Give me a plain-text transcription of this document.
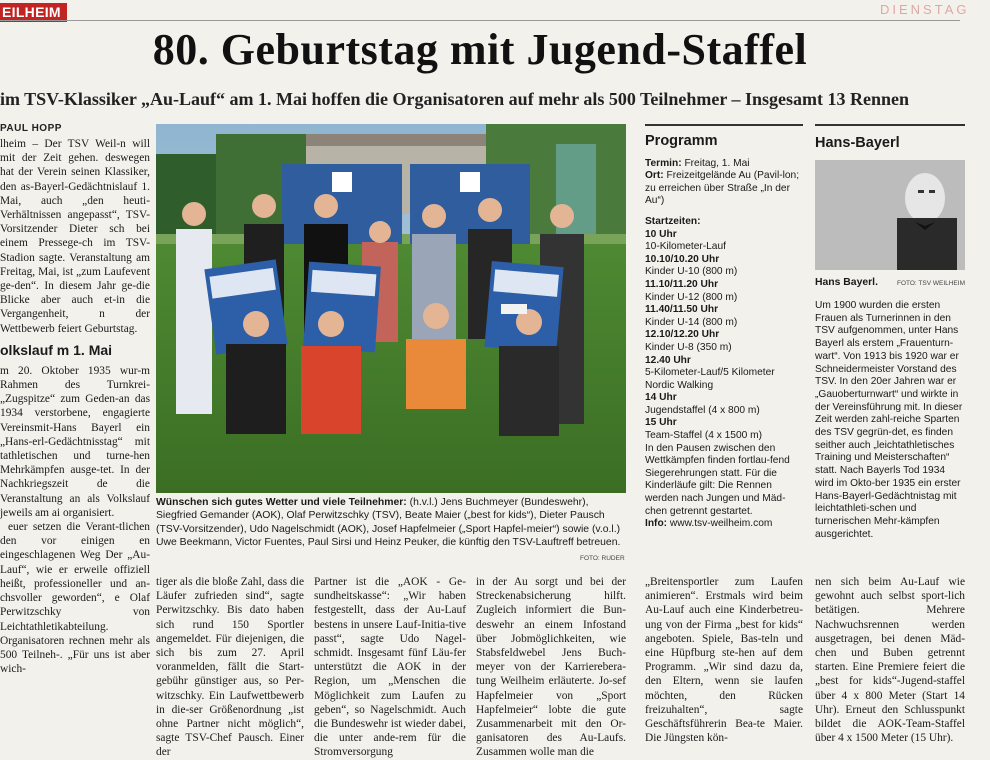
EILHEIM	DIENSTAG
80. Geburtstag mit Jugend-Staffel
im TSV-Klassiker „Au-Lauf“ am 1. Mai hoffen die Organisatoren auf mehr als 500 Teilnehmer – Insgesamt 13 Rennen
PAUL HOPP

lheim – Der TSV Weil-n will mit der Zeit gehen. deswegen hat der Verein seinen Klassiker, den as-Bayerl-Gedächtnislauf 1. Mai, auch „den heuti-Verhältnissen angepasst“, TSV-Vorsitzender Dieter sch bei einem Pressege-ch im TSV-Stadion sagte. Veranstaltung am Freitag, Mai, ist „zum Laufevent ge-den“. In diesem Jahr ge-die Blicke aber auch et-in die Vergangenheit, n der Wettbewerb feiert Geburtstag.

olkslauf m 1. Mai

m 20. Oktober 1935 wur-m Rahmen des Turnkrei-„Zugspitze“ zum Geden-an das 1934 verstorbene, engagierte Vereinsmit-Hans Bayerl ein „Hans-erl-Gedächtnisstag“ mit tathletischen und turne-hen Mehrkämpfen ausge-tet. In der Nachkriegszeit de die Veranstaltung an als Volkslauf jeweils am ai organisiert.

euer setzen die Verant-tlichen den vor einigen en eingeschlagenen Weg Der „Au-Lauf“, wie er erweile offiziell heißt, professioneller und an-chsvoller geworden“, e Olaf Perwitzschky von Leichtathletikabteilung. Organisatoren rechnen mehr als 500 Teilneh-. „Für uns ist aber wich-

Wünschen sich gutes Wetter und viele Teilnehmer: (h.v.l.) Jens Buchmeyer (Bundeswehr), Siegfried Gemander (AOK), Olaf Perwitzschky (TSV), Beate Maier („best for kids“), Dieter Pausch (TSV-Vorsitzender), Udo Nagelschmidt (AOK), Josef Hapfelmeier („Sport Hapfel-meier“) sowie (v.o.l.) Uwe Beekmann, Victor Fuentes, Paul Sirsi und Heinz Peuker, die künftig den TSV-Lauftreff betreuen.
FOTO: RUDER
tiger als die bloße Zahl, dass die Läufer zufrieden sind“, sagte Perwitzschky. Bis dato haben sich rund 150 Sportler angemeldet. Für diejenigen, die sich bis zum 27. April voranmelden, fällt die Start-gebühr günstiger aus, so Per-witzschky. Ein Laufwettbewerb in die-ser Größenordnung „ist ohne Partner nicht möglich“, sagte TSV-Chef Pausch. Einer der
Partner ist die „AOK - Ge-sundheitskasse“: „Wir haben festgestellt, dass der Au-Lauf bestens in unsere Lauf-Initia-tive passt“, sagte Udo Nagel-schmidt. Insgesamt fünf Läu-fer unterstützt die AOK in der Region, um „Menschen die Möglichkeit zum Laufen zu geben“, so Nagelschmidt. Auch die Bundeswehr ist wieder dabei, die unter ande-rem für die Stromversorgung
in der Au sorgt und bei der Streckenabsicherung hilft. Zugleich informiert die Bun-deswehr an einem Infostand über Jobmöglichkeiten, wie Stabsfeldwebel Jens Buch-meyer von der Karrierebera-tung Weilheim erläuterte. Jo-sef Hapfelmeier von „Sport Hapfelmeier“ lobte die gute Zusammenarbeit mit den Or-ganisatoren des Au-Laufs. Zusammen wolle man die
Programm
Termin: Freitag, 1. Mai
Ort: Freizeitgelände Au (Pavil-lon; zu erreichen über Straße „In der Au“)
Startzeiten:
10 Uhr
10-Kilometer-Lauf
10.10/10.20 Uhr
Kinder U-10 (800 m)
11.10/11.20 Uhr
Kinder U-12 (800 m)
11.40/11.50 Uhr
Kinder U-14 (800 m)
12.10/12.20 Uhr
Kinder U-8 (350 m)
12.40 Uhr
5-Kilometer-Lauf/5 Kilometer Nordic Walking
14 Uhr
Jugendstaffel (4 x 800 m)
15 Uhr
Team-Staffel (4 x 1500 m)
In den Pausen zwischen den Wettkämpfen finden fortlau-fend Siegerehrungen statt. Für die Kinderläufe gilt: Die Rennen werden nach Jungen und Mäd-chen getrennt gestartet.
Info: www.tsv-weilheim.com
„Breitensportler zum Laufen animieren“. Erstmals wird beim Au-Lauf auch eine Kinderbetreu-ung von der Firma „best for kids“ angeboten. Spiele, Bas-teln und eine Hüpfburg ste-hen auf dem Programm. „Wir sind dazu da, den Eltern, wenn sie laufen möchten, den Rücken freizuhalten“, sagte Geschäftsführerin Bea-te Maier. Die Jüngsten kön-
Hans-Bayerl
Hans Bayerl.	FOTO: TSV WEILHEIM
Um 1900 wurden die ersten Frauen als Turnerinnen in den TSV aufgenommen, unter Hans Bayerl als erstem „Frauenturn-wart“. Von 1913 bis 1920 war er Schneidermeister Vorstand des TSV. In den 20er Jahren war er „Gauoberturnwart“ und wirkte in der Vereinsführung mit. In dieser Zeit werden zahl-reiche Sparten des TSV gegrün-det, es finden seither auch „leichtathletisches Training und Meisterschaften“ statt. Nach Bayerls Tod 1934 wird im Okto-ber 1935 ein erster Hans-Bayerl-Gedächtnistag mit leichtathleti-schen und turnerischen Mehr-kämpfen ausgerichtet.
nen sich beim Au-Lauf wie gewohnt auch selbst sport-lich betätigen. Mehrere Nachwuchsrennen werden ausgetragen, bei denen Mäd-chen und Buben getrennt starten. Eine Premiere feiert die „best for kids“-Jugend-staffel über 4 x 800 Meter (Start 14 Uhr). Erneut den Schlusspunkt bildet die AOK-Team-Staffel über 4 x 1500 Meter (15 Uhr).
